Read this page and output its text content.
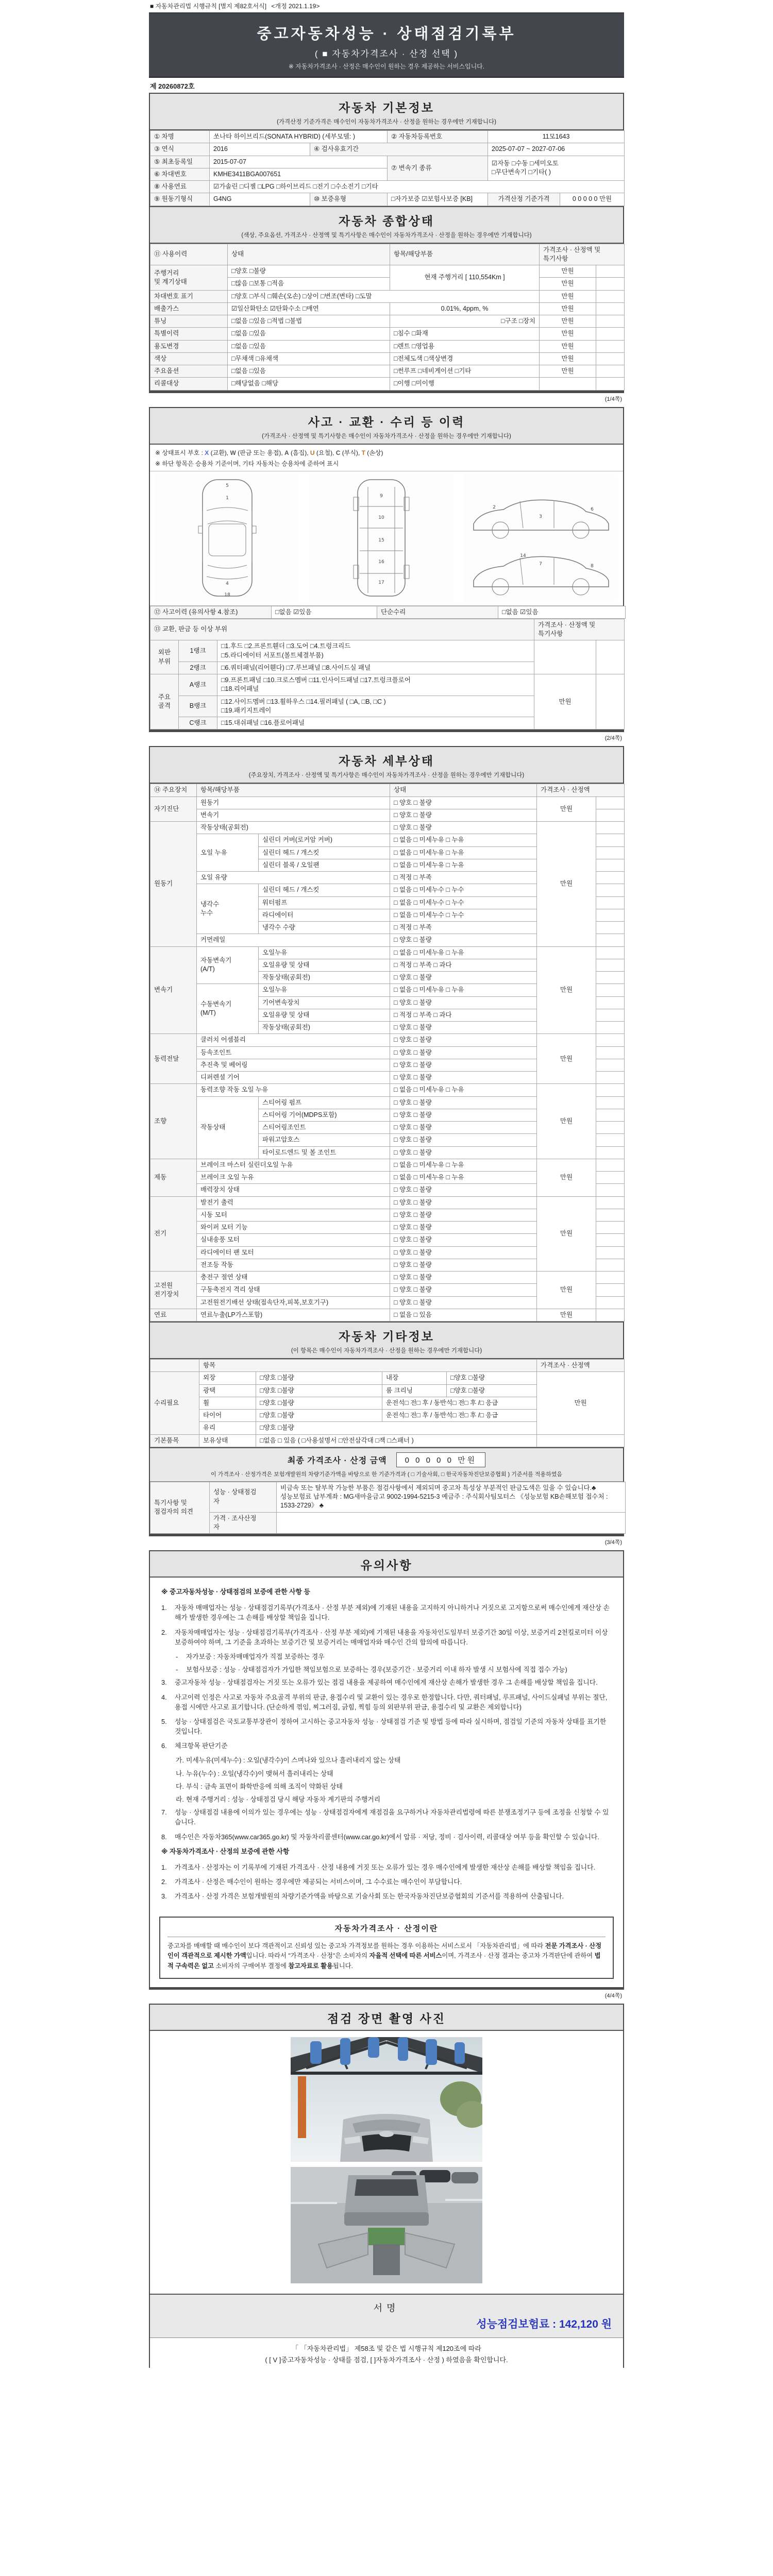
■ 자동차관리법 시행규칙 [별지 제82호서식] <개정 2021.1.19>
중고자동차성능 · 상태점검기록부
( ■ 자동차가격조사 · 산정 선택 )
※ 자동차가격조사 · 산정은 매수인이 원하는 경우 제공하는 서비스입니다.
제 20260872호
자동차 기본정보
(가격산정 기준가격은 매수인이 자동차가격조사 · 산정을 원하는 경우에만 기재합니다)
① 차명	쏘나타 하이브리드(SONATA HYBRID) (세부모델: )		② 자동차등록번호	11모1643	
③ 연식	2016	④ 검사유효기간		2025-07-07 ~ 2027-07-06	
⑤ 최초등록일	2015-07-07		⑦ 변속기 종류	☑자동 □수동 □세미오토
□무단변속기 □기타( )	
⑥ 차대번호	KMHE3411BGA007651				
⑧ 사용연료	☑가솔린 □디젤 □LPG □하이브리드 □전기 □수소전기 □기타				
⑨ 원동기형식	G4NG	⑩ 보증유형	□자가보증 ☑보험사보증 [KB]	가격산정 기준가격	0 0 0 0 0 만원
자동차 종합상태
(색상, 주요옵션, 가격조사 · 산정액 및 특기사항은 매수인이 자동차가격조사 · 산정을 원하는 경우에만 기재합니다)
⑪ 사용이력	상태	항목/해당부품	가격조사 · 산정액 및 특기사항	
주행거리
및 계기상태	□양호 □불량	현재 주행거리 [ 110,554Km ]	만원	
	□많음 □보통 □적음		만원	
차대번호 표기	□양호 □부식 □훼손(오손) □상이 □변조(변타) □도말		만원	
배출가스	☑일산화탄소 ☑탄화수소 □매연	0.01%, 4ppm, %	만원	
튜닝	□없음 □있음 □적법 □불법	□구조 □장치	만원	
특별이력	□없음 □있음	□침수 □화재	만원	
용도변경	□없음 □있음	□렌트 □영업용	만원	
색상	□무채색 □유채색	□전체도색 □색상변경	만원	
주요옵션	□없음 □있음	□썬루프 □네비게이션 □기타	만원	
리콜대상	□해당없음 □해당	□이행 □미이행		
(1/4쪽)
사고 · 교환 · 수리 등 이력
(가격조사 · 산정액 및 특기사항은 매수인이 자동차가격조사 · 산정을 원하는 경우에만 기재합니다)
※ 상태표시 부호 : X (교환), W (판금 또는 용접), A (흠집), U (요철), C (부식), T (손상)
※ 하단 항목은 승용차 기준이며, 기타 자동차는 승용차에 준하여 표시
1
5
4
18
9
10
15
16
17
2
3
6
7	8
14
⑫ 사고이력 (유의사항 4.참조)	□없음 ☑있음	단순수리	□없음 ☑있음
⑬ 교환, 판금 등 이상 부위			가격조사 · 산정액 및 특기사항	
외판
부위	1랭크	□1.후드 □2.프론트휀더 □3.도어 □4.트렁크리드
□5.라디에이터 서포트(볼트체결부품)		
	2랭크	□6.쿼터패널(리어휀다) □7.루브패널 □8.사이드실 패널		
주요
골격	A랭크	□9.프론트패널 □10.크로스멤버 □11.인사이드패널 □17.트렁크플로어
□18.리어패널	만원	
	B랭크	□12.사이드멤버 □13.휠하우스 □14.필러패널 ( □A, □B, □C )
□19.패키지트레이		
	C랭크	□15.대쉬패널 □16.플로어패널		
(2/4쪽)
자동차 세부상태
(주요장치, 가격조사 · 산정액 및 특기사항은 매수인이 자동차가격조사 · 산정을 원하는 경우에만 기재합니다)
⑭ 주요장치	항목/해당부품		상태	가격조사 · 산정액	
자기진단	원동기		□ 양호 □ 불량	만원	
	변속기		□ 양호 □ 불량		
원동기	작동상태(공회전)		□ 양호 □ 불량	만원	
	오일 누유	실린더 커버(로커암 커버)	□ 없음 □ 미세누유 □ 누유		
		실린더 헤드 / 개스킷	□ 없음 □ 미세누유 □ 누유		
		실린더 블록 / 오일팬	□ 없음 □ 미세누유 □ 누유		
	오일 유량		□ 적정 □ 부족		
	냉각수
누수	실린더 헤드 / 개스킷	□ 없음 □ 미세누수 □ 누수		
		워터펌프	□ 없음 □ 미세누수 □ 누수		
		라디에이터	□ 없음 □ 미세누수 □ 누수		
		냉각수 수량	□ 적정 □ 부족		
	커먼레일		□ 양호 □ 불량		
변속기	자동변속기
(A/T)	오일누유	□ 없음 □ 미세누유 □ 누유	만원	
		오일유량 및 상태	□ 적정 □ 부족 □ 과다		
		작동상태(공회전)	□ 양호 □ 불량		
	수동변속기
(M/T)	오일누유	□ 없음 □ 미세누유 □ 누유		
		기어변속장치	□ 양호 □ 불량		
		오일유량 및 상태	□ 적정 □ 부족 □ 과다		
		작동상태(공회전)	□ 양호 □ 불량		
동력전달	클러치 어셈블리		□ 양호 □ 불량	만원	
	등속조인트		□ 양호 □ 불량		
	추진축 및 베어링		□ 양호 □ 불량		
	디퍼렌셜 기어		□ 양호 □ 불량		
조향	동력조향 작동 오일 누유		□ 없음 □ 미세누유 □ 누유	만원	
	작동상태	스티어링 펌프	□ 양호 □ 불량		
		스티어링 기어(MDPS포함)	□ 양호 □ 불량		
		스티어링조인트	□ 양호 □ 불량		
		파워고압호스	□ 양호 □ 불량		
		타이로드엔드 및 볼 조인트	□ 양호 □ 불량		
제동	브레이크 마스터 실린더오일 누유		□ 없음 □ 미세누유 □ 누유	만원	
	브레이크 오일 누유		□ 없음 □ 미세누유 □ 누유		
	배력장치 상태		□ 양호 □ 불량		
전기	발전기 출력		□ 양호 □ 불량	만원	
	시동 모터		□ 양호 □ 불량		
	와이퍼 모터 기능		□ 양호 □ 불량		
	실내송풍 모터		□ 양호 □ 불량		
	라디에이터 팬 모터		□ 양호 □ 불량		
	전조등 작동		□ 양호 □ 불량		
고전원
전기장치	충전구 절연 상태		□ 양호 □ 불량	만원	
	구동축전지 격리 상태		□ 양호 □ 불량		
	고전원전기배선 상태(접속단자,피복,보호기구)		□ 양호 □ 불량		
연료	연료누출(LP가스포함)		□ 없음 □ 있음	만원	
자동차 기타정보
(이 항목은 매수인이 자동차가격조사 · 산정을 원하는 경우에만 기재합니다)
	항목				가격조사 · 산정액
수리필요	외장	□양호 □불량	내장	□양호 □불량	만원
	광택	□양호 □불량	룸 크리닝	□양호 □불량	
	휠	□양호 □불량	운전석□ 전□ 후 / 동반석□ 전□ 후 /□ 응급		
	타이어	□양호 □불량	운전석□ 전□ 후 / 동반석□ 전□ 후 /□ 응급		
	유리	□양호 □불량			
기본품목	보유상태	□없음 □ 있음 ( □사용설명서 □안전삼각대 □잭 □스패너 )			
최종 가격조사 · 산정 금액	0 0 0 0 0 만원
이 가격조사 · 산정가격은 보험개발원의 차량기준가액을 바탕으로 한 기준가격과 ( □ 기술사회, □ 한국자동차진단보증협회 ) 기준서를 적용하였음
특기사항 및
점검자의 의견	성능 · 상태점검
자	비금속 또는 탈부착 가능한 부품은 점검사항에서 제외되며 중고차 특성상 부분적인 판금도색은 있을 수 있습니다.♣ 성능보험료 납부계좌 : MG새마을금고 9002-1994-5215-3 예금주 : 주식회사팀모터스 《성능보험 KB손해보험 접수처 : 1533-2729》 ♣
	가격 · 조사산정
자	
(3/4쪽)
유의사항
※ 중고자동차성능 · 상태점검의 보증에 관한 사항 등
1.	자동차 매매업자는 성능 · 상태점검기록부(가격조사 · 산정 부분 제외)에 기재된 내용을 고지하지 아니하거나 거짓으로 고지함으로써 매수인에게 재산상 손해가 발생한 경우에는 그 손해를 배상할 책임을 집니다.
2.	자동차매매업자는 성능 · 상태점검기록부(가격조사 · 산정 부분 제외)에 기재된 내용을 자동차인도일부터 보증기간 30일 이상, 보증거리 2천킬로미터 이상 보증하여야 하며, 그 기준을 초과하는 보증기간 및 보증거리는 매매업자와 매수인 간의 합의에 따릅니다.
-	자가보증 : 자동차매매업자가 직접 보증하는 경우
-	보험사보증 : 성능 · 상태점검자가 가입한 책임보험으로 보증하는 경우(보증기간 · 보증거리 이내 하자 발생 시 보험사에 직접 접수 가능)
3.	중고자동차 성능 · 상태점검자는 거짓 또는 오류가 있는 점검 내용을 제공하여 매수인에게 재산상 손해가 발생한 경우 그 손해를 배상할 책임을 집니다.
4.	사고이력 인정은 사고로 자동차 주요골격 부위의 판금, 용접수리 및 교환이 있는 경우로 한정합니다. 다만, 쿼터패널, 루프패널, 사이드실패널 부위는 절단, 용접 시에만 사고로 표기합니다. (단순하게 꺾임, 찌그러짐, 긁힘, 찍힘 등의 외판부위 판금, 용접수리 및 교환은 제외합니다)
5.	성능 · 상태점검은 국토교통부장관이 정하여 고시하는 중고자동차 성능 · 상태점검 기준 및 방법 등에 따라 실시하며, 점검일 기준의 자동차 상태를 표기한 것입니다.
6.	체크항목 판단기준
가. 미세누유(미세누수) : 오일(냉각수)이 스며나와 있으나 흘러내리지 않는 상태
나. 누유(누수) : 오일(냉각수)이 맺혀서 흘러내리는 상태
다. 부식 : 금속 표면이 화학반응에 의해 조직이 약화된 상태
라. 현재 주행거리 : 성능 · 상태점검 당시 해당 자동차 계기판의 주행거리
7.	성능 · 상태점검 내용에 이의가 있는 경우에는 성능 · 상태점검자에게 재점검을 요구하거나 자동차관리법령에 따른 분쟁조정기구 등에 조정을 신청할 수 있습니다.
8.	매수인은 자동차365(www.car365.go.kr) 및 자동차리콜센터(www.car.go.kr)에서 압류 · 저당, 정비 · 검사이력, 리콜대상 여부 등을 확인할 수 있습니다.
※ 자동차가격조사 · 산정의 보증에 관한 사항
1.	가격조사 · 산정자는 이 기록부에 기재된 가격조사 · 산정 내용에 거짓 또는 오류가 있는 경우 매수인에게 발생한 재산상 손해를 배상할 책임을 집니다.
2.	가격조사 · 산정은 매수인이 원하는 경우에만 제공되는 서비스이며, 그 수수료는 매수인이 부담합니다.
3.	가격조사 · 산정 가격은 보험개발원의 차량기준가액을 바탕으로 기술사회 또는 한국자동차진단보증협회의 기준서를 적용하여 산출됩니다.
자동차가격조사 · 산정이란
중고차를 매매할 때 매수인이 보다 객관적이고 신뢰성 있는 중고차 가격정보를 원하는 경우 이용하는 서비스로서 「자동차관리법」에 따라 전문 가격조사 · 산정인이 객관적으로 제시한 가액입니다. 따라서 "가격조사 · 산정"은 소비자의 자율적 선택에 따른 서비스이며, 가격조사 · 산정 결과는 중고차 가격판단에 관하여 법적 구속력은 없고 소비자의 구매여부 결정에 참고자료로 활용됩니다.
(4/4쪽)
점검 장면 촬영 사진
서명
성능점검보험료 : 142,120 원
「 「자동차관리법」 제58조 및 같은 법 시행규칙 제120조에 따라
( [ V ]중고자동차성능 · 상태를 점검, [ ]자동차가격조사 · 산정 ) 하였음을 확인합니다.
